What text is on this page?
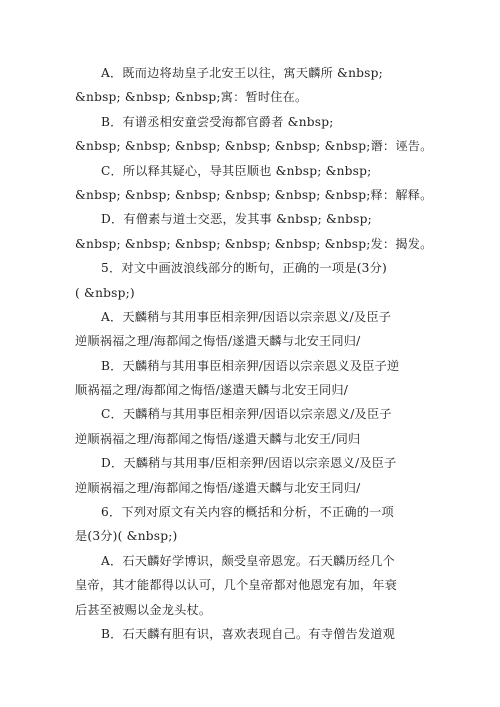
A．既而边将劫皇子北安王以往，寓天麟所 &nbsp;
&nbsp; &nbsp; &nbsp;寓：暂时住在。
B．有谱丞相安童尝受海都官爵者 &nbsp;
&nbsp; &nbsp; &nbsp; &nbsp; &nbsp; &nbsp;谮：诬告。
C．所以释其疑心，导其臣顺也 &nbsp; &nbsp;
&nbsp; &nbsp; &nbsp; &nbsp; &nbsp; &nbsp;释：解释。
D．有僧素与道士交恶，发其事 &nbsp; &nbsp;
&nbsp; &nbsp; &nbsp; &nbsp; &nbsp; &nbsp;发：揭发。
5．对文中画波浪线部分的断句，正确的一项是(3分)
( &nbsp;)
A．天麟稍与其用事臣相亲狎/因语以宗亲恩义/及臣子
逆顺祸福之理/海都闻之悔悟/遂遣天麟与北安王同归/
B．天麟稍与其用事臣相亲狎/因语以宗亲恩义及臣子逆
顺祸福之理/海都闻之悔悟/遂遣天麟与北安王同归/
C．天麟稍与其用事臣相亲狎/因语以宗亲恩义/及臣子
逆顺祸福之理/海都闻之悔悟/遂遣天麟与北安王/同归
D．天麟稍与其用事/臣相亲狎/因语以宗亲恩义/及臣子
逆顺祸福之理/海都闻之悔悟/遂遣天麟与北安王同归/
6．下列对原文有关内容的概括和分析，不正确的一项
是(3分)( &nbsp;)
A．石天麟好学博识，颇受皇帝恩宠。石天麟历经几个
皇帝，其才能都得以认可，几个皇帝都对他恩宠有加，年衰
后甚至被赐以金龙头杖。
B．石天麟有胆有识，喜欢表现自己。有寺僧告发道观
